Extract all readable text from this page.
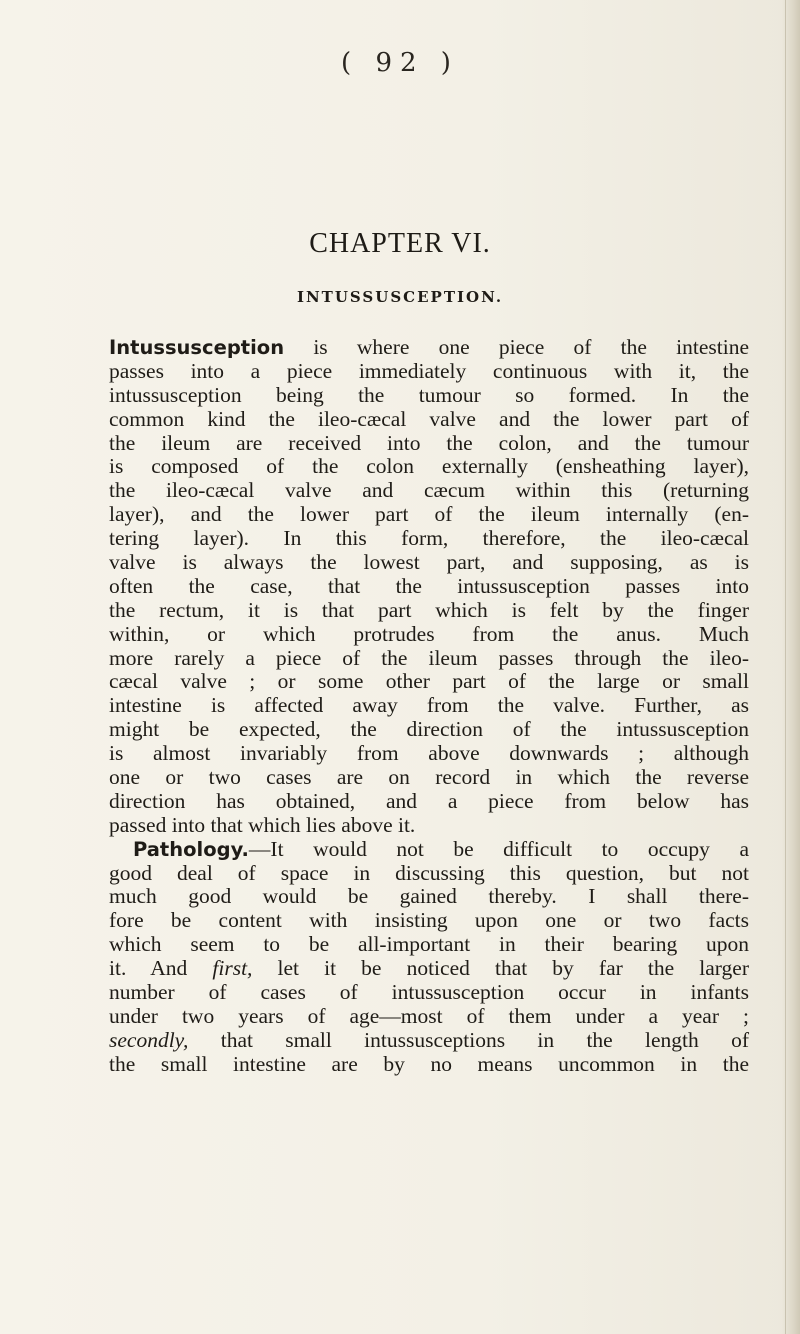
( 92 )
CHAPTER VI.
INTUSSUSCEPTION.
Intussusception is where one piece of the intestine
passes into a piece immediately continuous with it, the
intussusception being the tumour so formed. In the
common kind the ileo-cæcal valve and the lower part of
the ileum are received into the colon, and the tumour
is composed of the colon externally (ensheathing layer),
the ileo-cæcal valve and cæcum within this (returning
layer), and the lower part of the ileum internally (en-
tering layer). In this form, therefore, the ileo-cæcal
valve is always the lowest part, and supposing, as is
often the case, that the intussusception passes into
the rectum, it is that part which is felt by the finger
within, or which protrudes from the anus. Much
more rarely a piece of the ileum passes through the ileo-
cæcal valve ; or some other part of the large or small
intestine is affected away from the valve. Further, as
might be expected, the direction of the intussusception
is almost invariably from above downwards ; although
one or two cases are on record in which the reverse
direction has obtained, and a piece from below has
passed into that which lies above it.
Pathology.—It would not be difficult to occupy a
good deal of space in discussing this question, but not
much good would be gained thereby. I shall there-
fore be content with insisting upon one or two facts
which seem to be all-important in their bearing upon
it. And first, let it be noticed that by far the larger
number of cases of intussusception occur in infants
under two years of age—most of them under a year ;
secondly, that small intussusceptions in the length of
the small intestine are by no means uncommon in the
